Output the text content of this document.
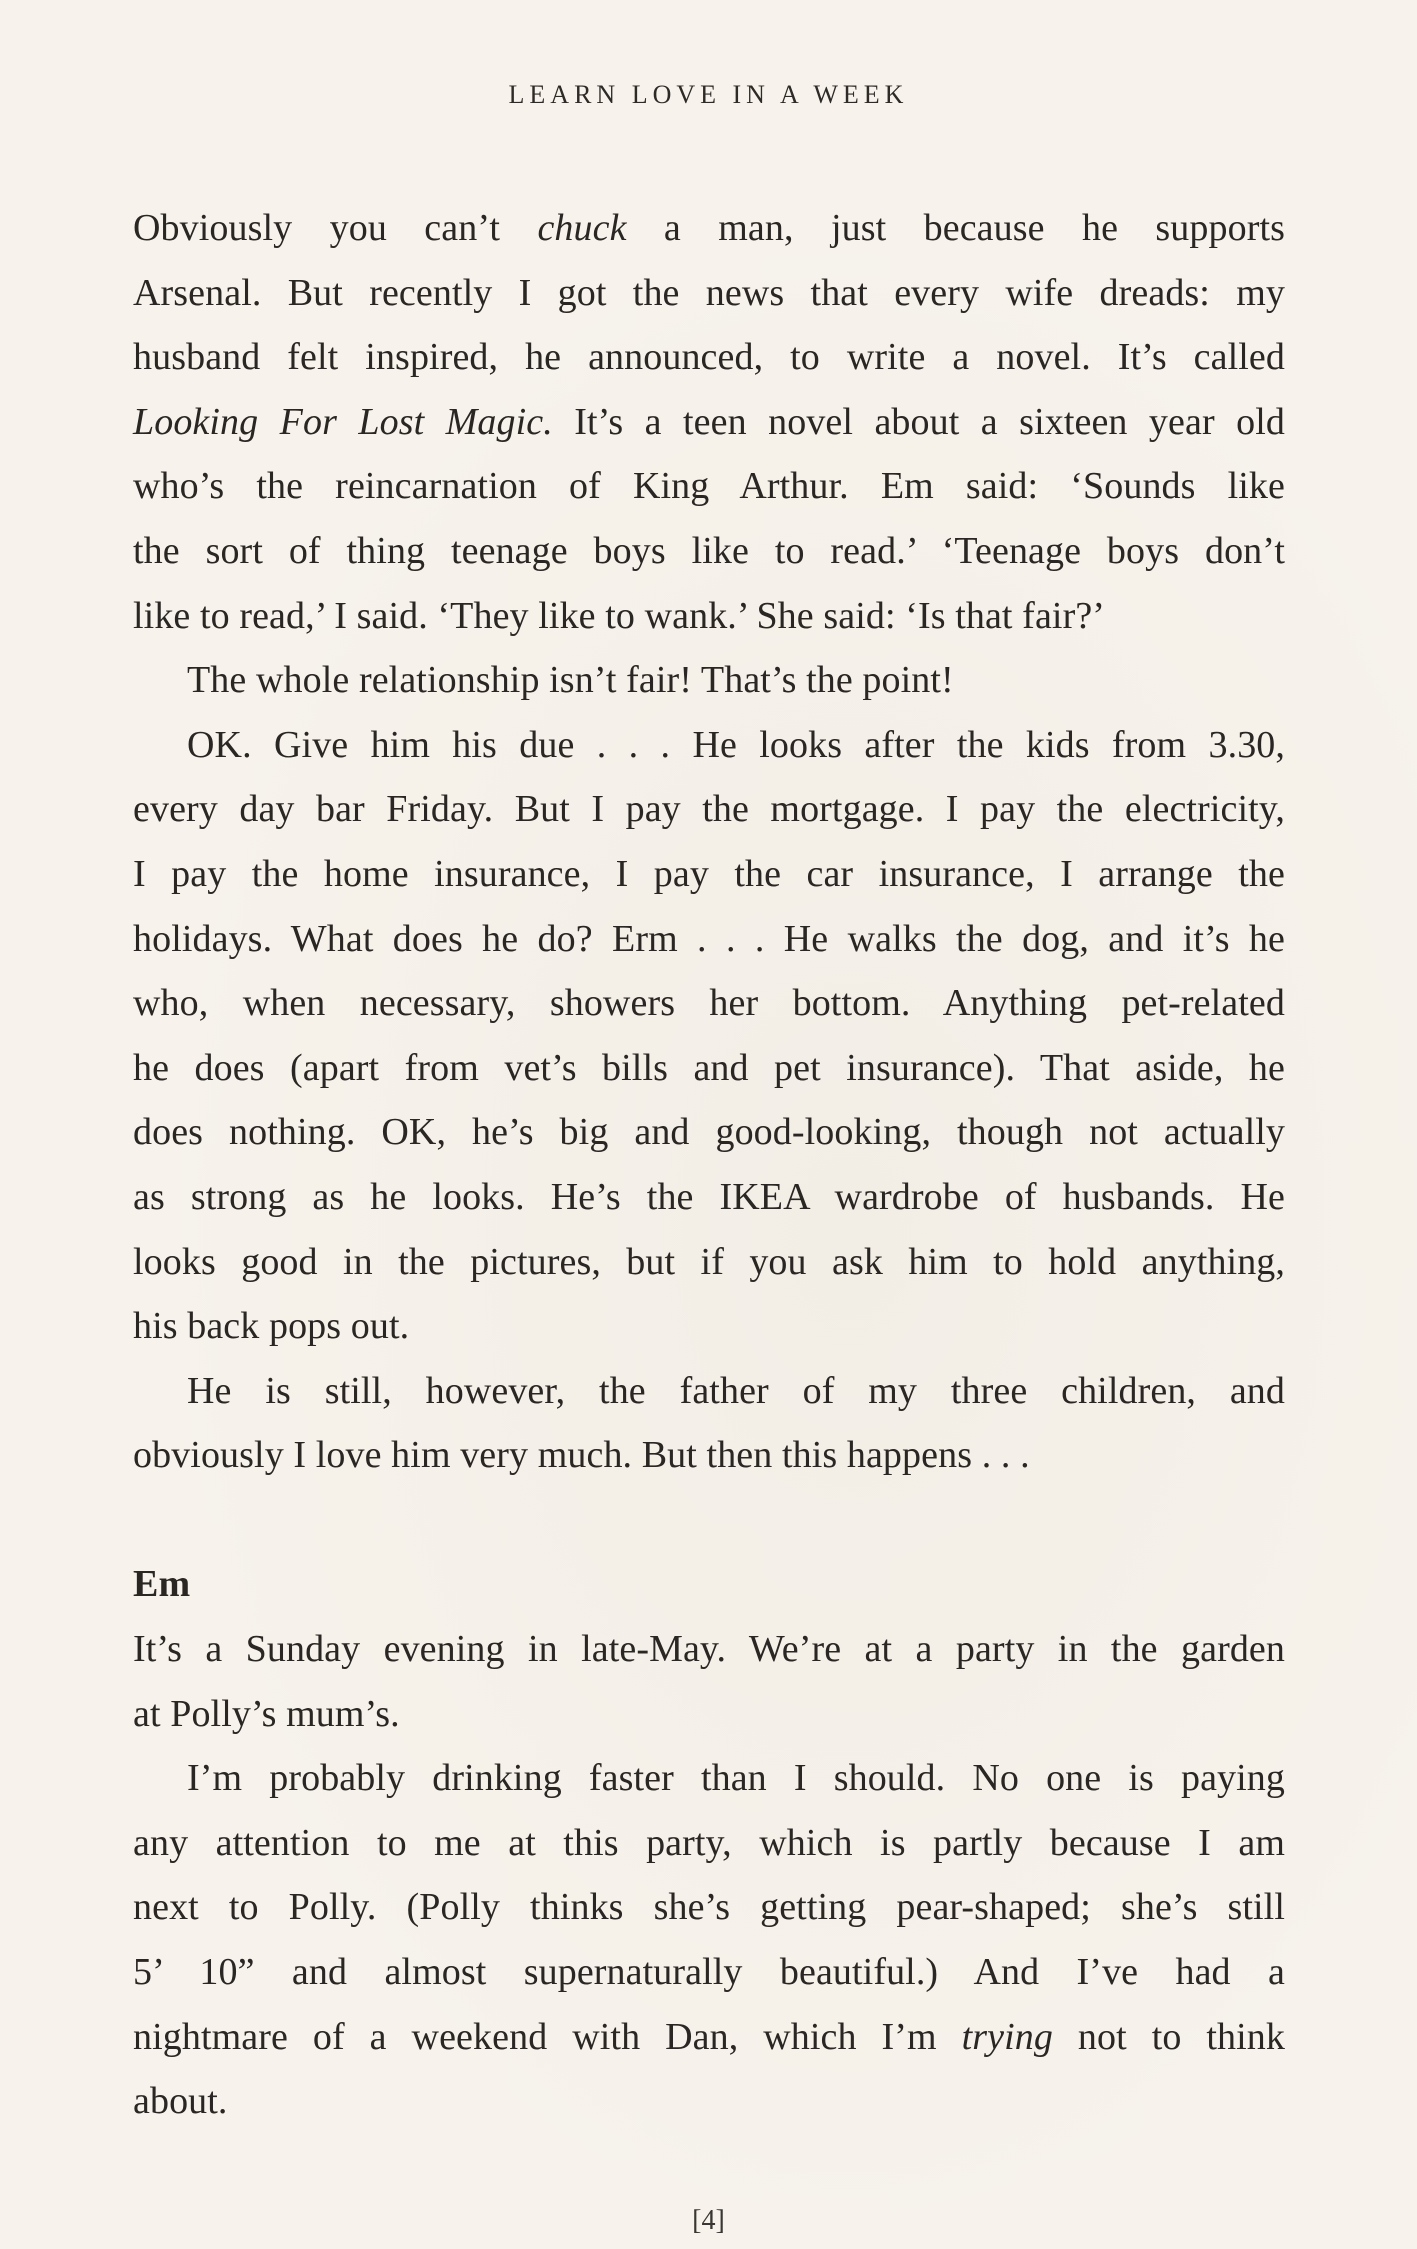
LEARN LOVE IN A WEEK
Obviously you can’t chuck a man, just because he supports
Arsenal. But recently I got the news that every wife dreads: my
husband felt inspired, he announced, to write a novel. It’s called
Looking For Lost Magic. It’s a teen novel about a sixteen year old
who’s the reincarnation of King Arthur. Em said: ‘Sounds like
the sort of thing teenage boys like to read.’ ‘Teenage boys don’t
like to read,’ I said. ‘They like to wank.’ She said: ‘Is that fair?’
The whole relationship isn’t fair! That’s the point!
OK. Give him his due . . . He looks after the kids from 3.30,
every day bar Friday. But I pay the mortgage. I pay the electricity,
I pay the home insurance, I pay the car insurance, I arrange the
holidays. What does he do? Erm . . . He walks the dog, and it’s he
who, when necessary, showers her bottom. Anything pet-related
he does (apart from vet’s bills and pet insurance). That aside, he
does nothing. OK, he’s big and good-looking, though not actually
as strong as he looks. He’s the IKEA wardrobe of husbands. He
looks good in the pictures, but if you ask him to hold anything,
his back pops out.
He is still, however, the father of my three children, and
obviously I love him very much. But then this happens . . .
Em
It’s a Sunday evening in late-May. We’re at a party in the garden
at Polly’s mum’s.
I’m probably drinking faster than I should. No one is paying
any attention to me at this party, which is partly because I am
next to Polly. (Polly thinks she’s getting pear-shaped; she’s still
5’ 10” and almost supernaturally beautiful.) And I’ve had a
nightmare of a weekend with Dan, which I’m trying not to think
about.
[4]
